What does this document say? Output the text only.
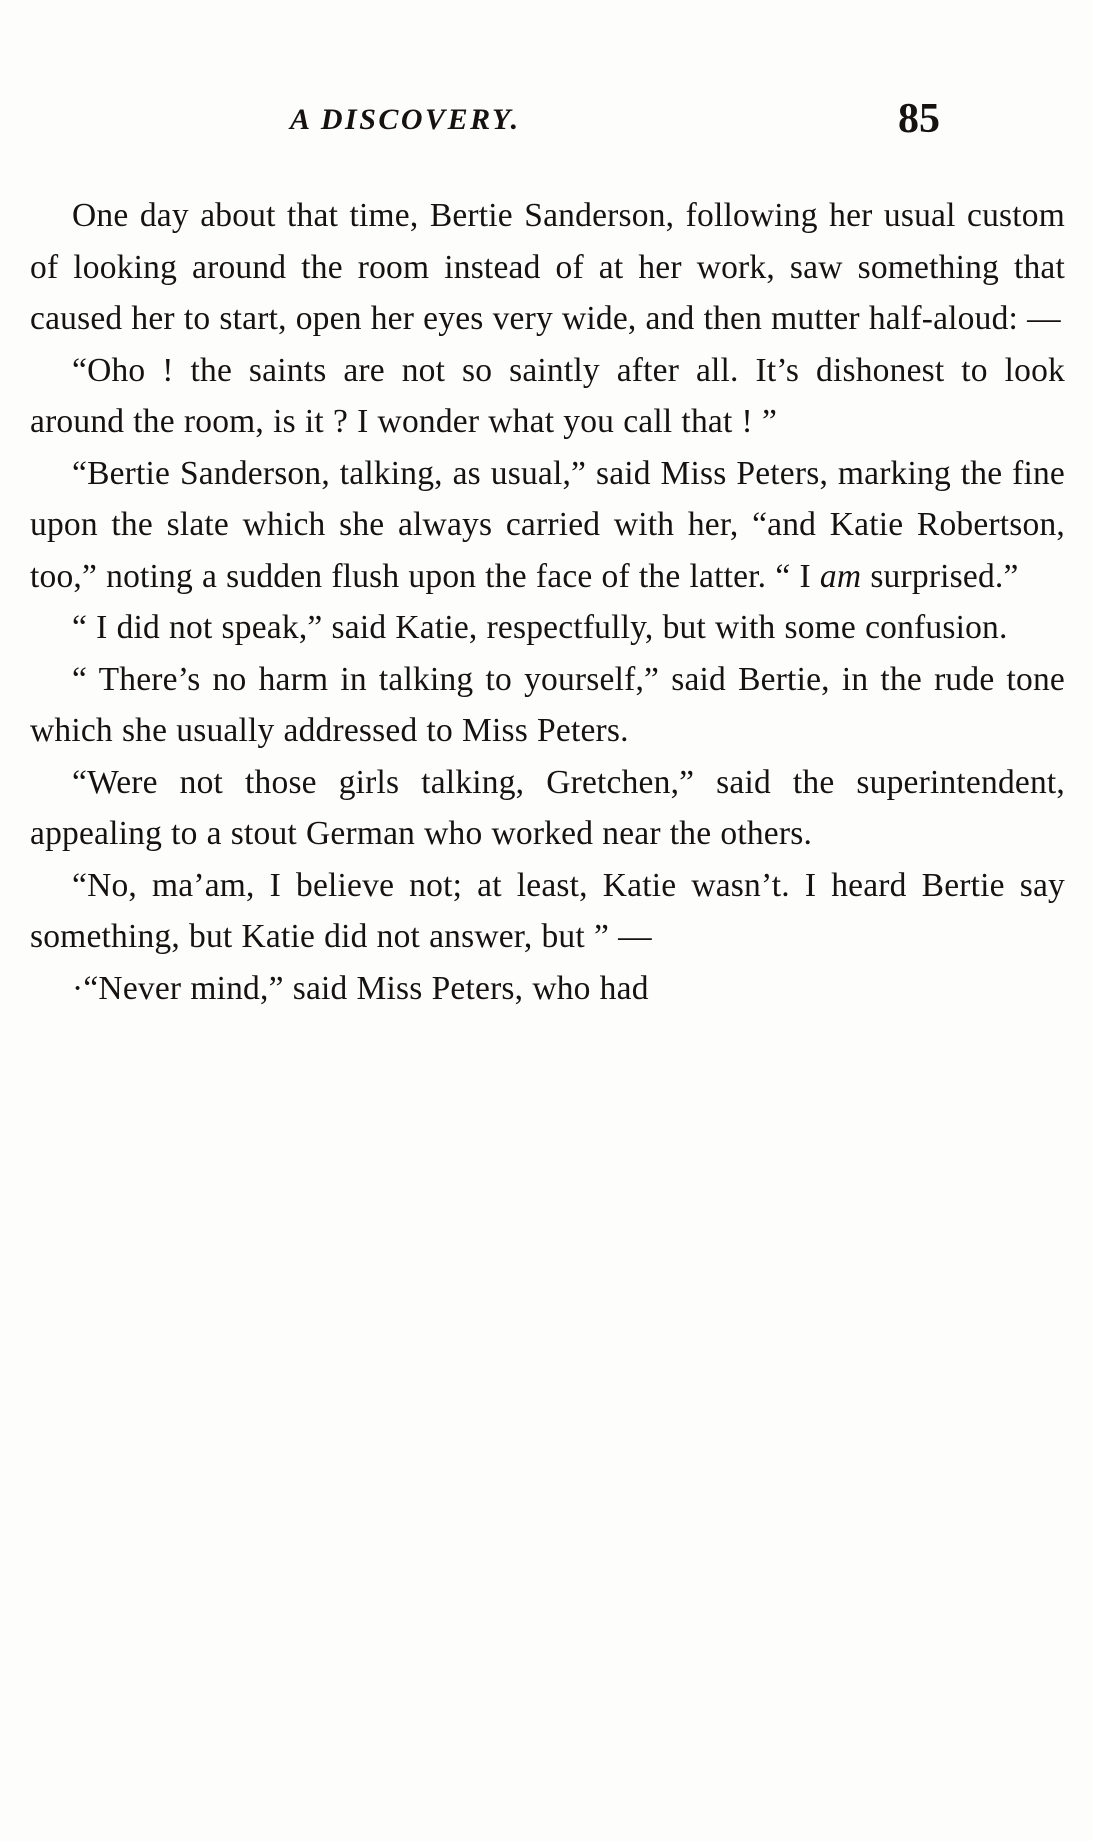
A DISCOVERY.	85

One day about that time, Bertie Sanderson, following her usual custom of looking around the room instead of at her work, saw something that caused her to start, open her eyes very wide, and then mutter half-aloud: —

“Oho ! the saints are not so saintly after all. It’s dishonest to look around the room, is it ? I wonder what you call that ! ”

“Bertie Sanderson, talking, as usual,” said Miss Peters, marking the fine upon the slate which she always carried with her, “and Katie Robertson, too,” noting a sudden flush upon the face of the latter. “ I am surprised.”

“ I did not speak,” said Katie, respectfully, but with some confusion.

“ There’s no harm in talking to yourself,” said Bertie, in the rude tone which she usually addressed to Miss Peters.

“Were not those girls talking, Gretchen,” said the superintendent, appealing to a stout German who worked near the others.

“No, ma’am, I believe not; at least, Katie wasn’t. I heard Bertie say something, but Katie did not answer, but ” —

·“Never mind,” said Miss Peters, who had
